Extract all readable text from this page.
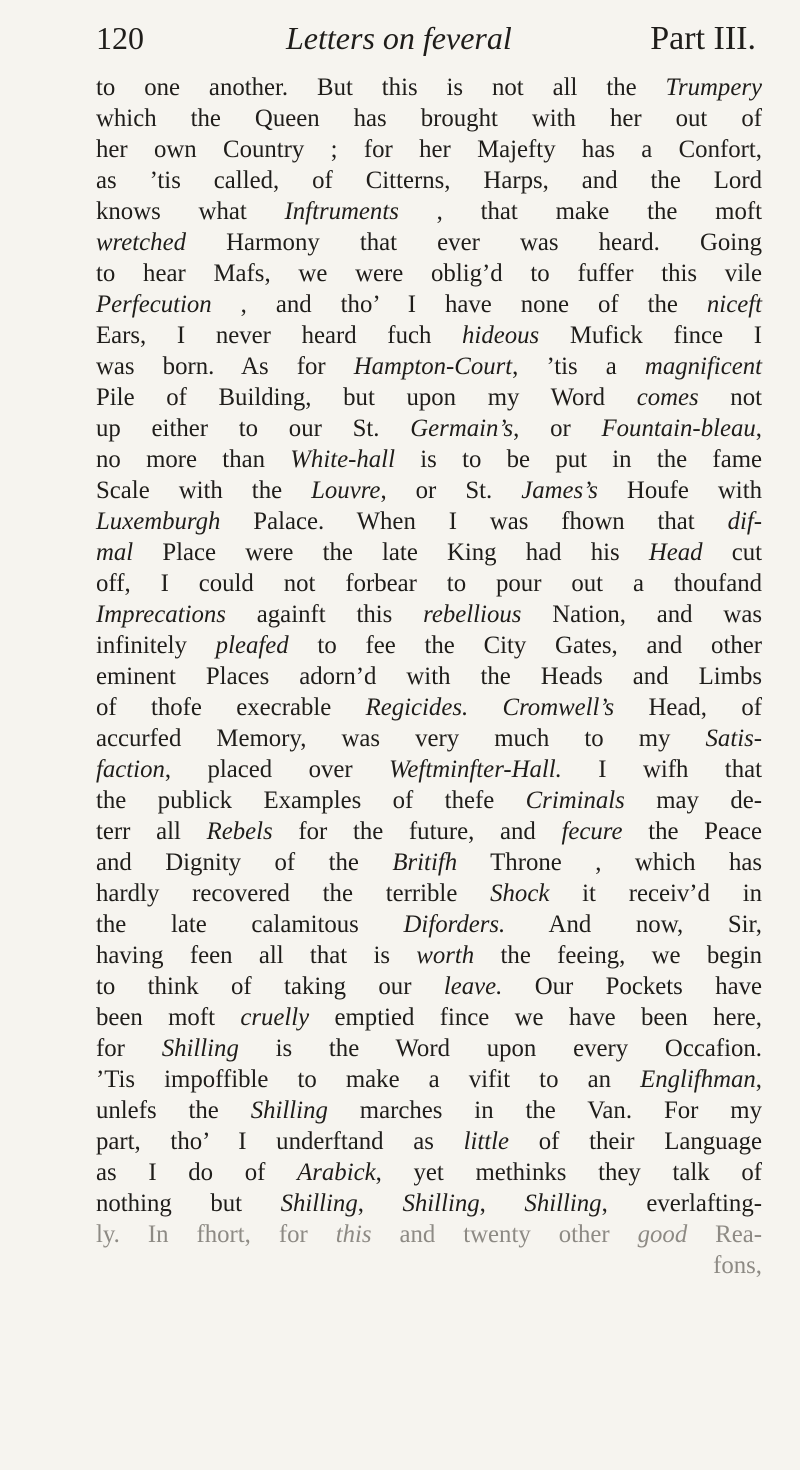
120	Letters on feveral	Part III.
to one another. But this is not all the Trumpery
which the Queen has brought with her out of
her own Country ; for her Majefty has a Confort,
as ’tis called, of Citterns, Harps, and the Lord
knows what Inftruments , that make the moft
wretched Harmony that ever was heard. Going
to hear Mafs, we were oblig’d to fuffer this vile
Perfecution , and tho’ I have none of the niceft
Ears, I never heard fuch hideous Mufick fince I
was born. As for Hampton-Court, ’tis a magnificent
Pile of Building, but upon my Word comes not
up either to our St. Germain’s, or Fountain-bleau,
no more than White-hall is to be put in the fame
Scale with the Louvre, or St. James’s Houfe with
Luxemburgh Palace. When I was fhown that dif-
mal Place were the late King had his Head cut
off, I could not forbear to pour out a thoufand
Imprecations againft this rebellious Nation, and was
infinitely pleafed to fee the City Gates, and other
eminent Places adorn’d with the Heads and Limbs
of thofe execrable Regicides. Cromwell’s Head, of
accurfed Memory, was very much to my Satis-
faction, placed over Weftminfter-Hall. I wifh that
the publick Examples of thefe Criminals may de-
terr all Rebels for the future, and fecure the Peace
and Dignity of the Britifh Throne , which has
hardly recovered the terrible Shock it receiv’d in
the late calamitous Diforders. And now, Sir,
having feen all that is worth the feeing, we begin
to think of taking our leave. Our Pockets have
been moft cruelly emptied fince we have been here,
for Shilling is the Word upon every Occafion.
’Tis impoffible to make a vifit to an Englifhman,
unlefs the Shilling marches in the Van. For my
part, tho’ I underftand as little of their Language
as I do of Arabick, yet methinks they talk of
nothing but Shilling, Shilling, Shilling, everlafting-
ly. In fhort, for this and twenty other good Rea-
fons,
